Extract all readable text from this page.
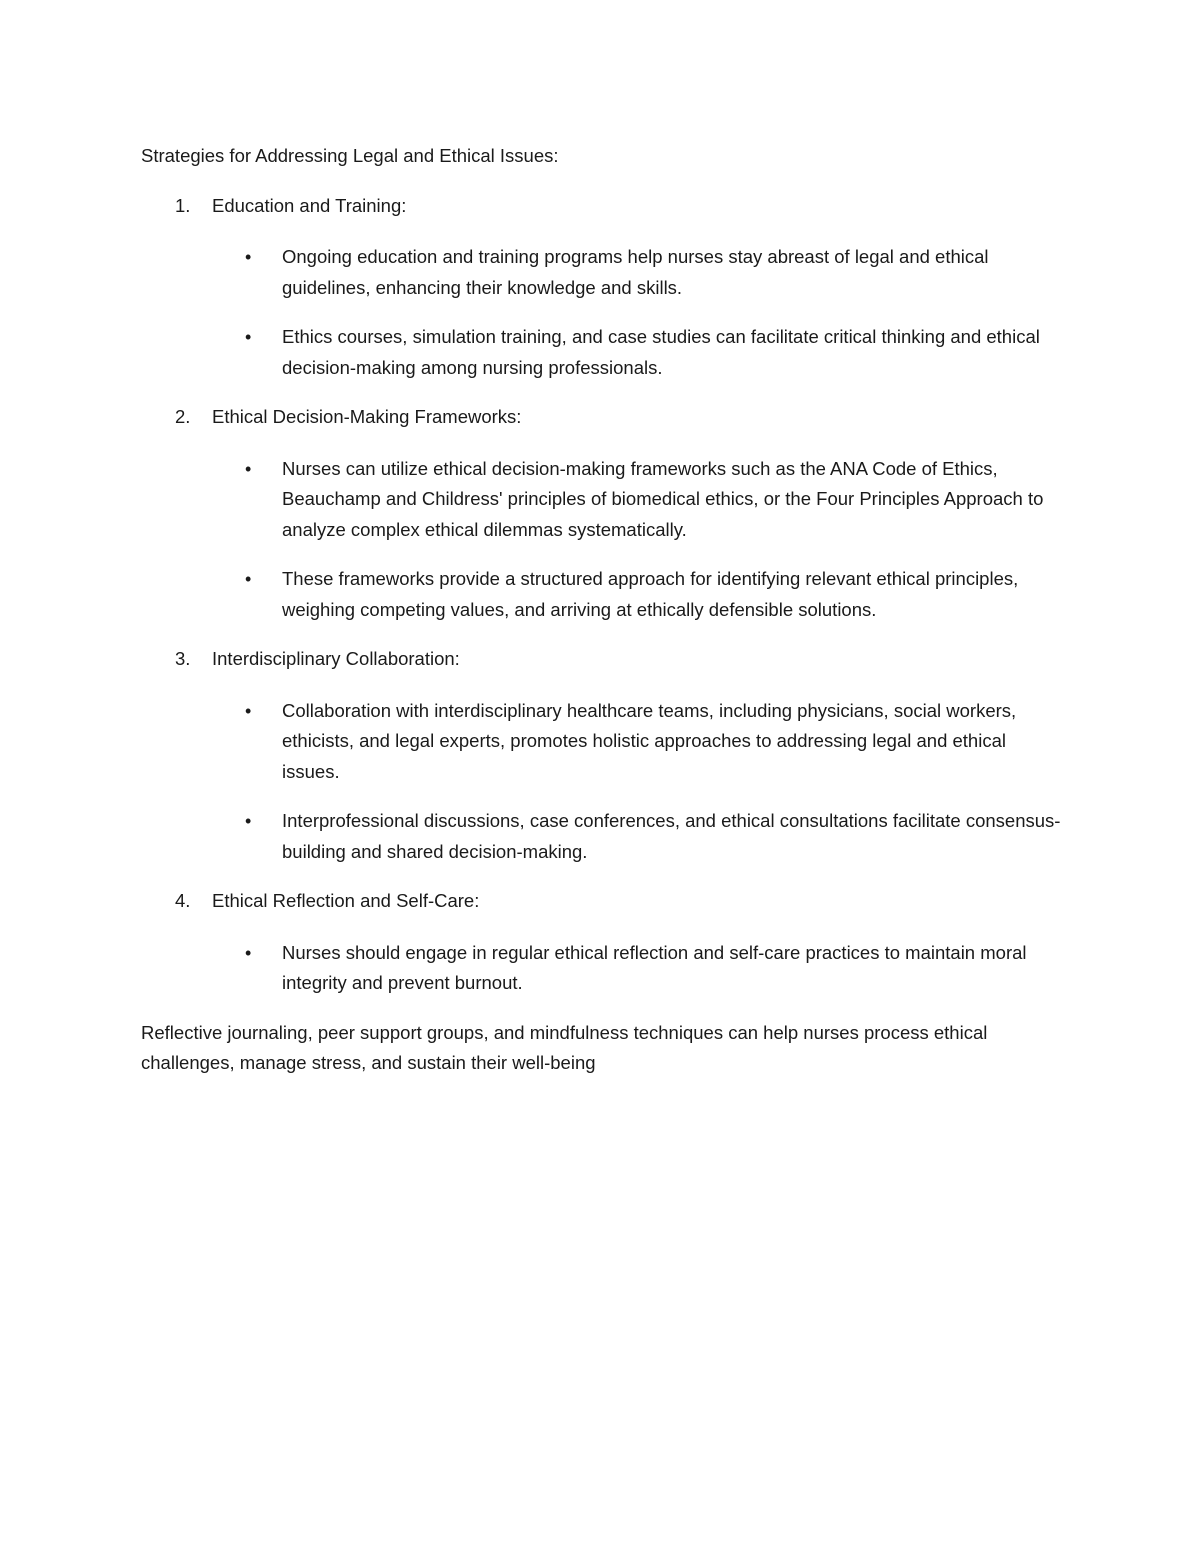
Strategies for Addressing Legal and Ethical Issues:

1. Education and Training:

• Ongoing education and training programs help nurses stay abreast of legal and ethical guidelines, enhancing their knowledge and skills.

• Ethics courses, simulation training, and case studies can facilitate critical thinking and ethical decision-making among nursing professionals.

2. Ethical Decision-Making Frameworks:

• Nurses can utilize ethical decision-making frameworks such as the ANA Code of Ethics, Beauchamp and Childress' principles of biomedical ethics, or the Four Principles Approach to analyze complex ethical dilemmas systematically.

• These frameworks provide a structured approach for identifying relevant ethical principles, weighing competing values, and arriving at ethically defensible solutions.

3. Interdisciplinary Collaboration:

• Collaboration with interdisciplinary healthcare teams, including physicians, social workers, ethicists, and legal experts, promotes holistic approaches to addressing legal and ethical issues.

• Interprofessional discussions, case conferences, and ethical consultations facilitate consensus-building and shared decision-making.

4. Ethical Reflection and Self-Care:

• Nurses should engage in regular ethical reflection and self-care practices to maintain moral integrity and prevent burnout.

Reflective journaling, peer support groups, and mindfulness techniques can help nurses process ethical challenges, manage stress, and sustain their well-being
